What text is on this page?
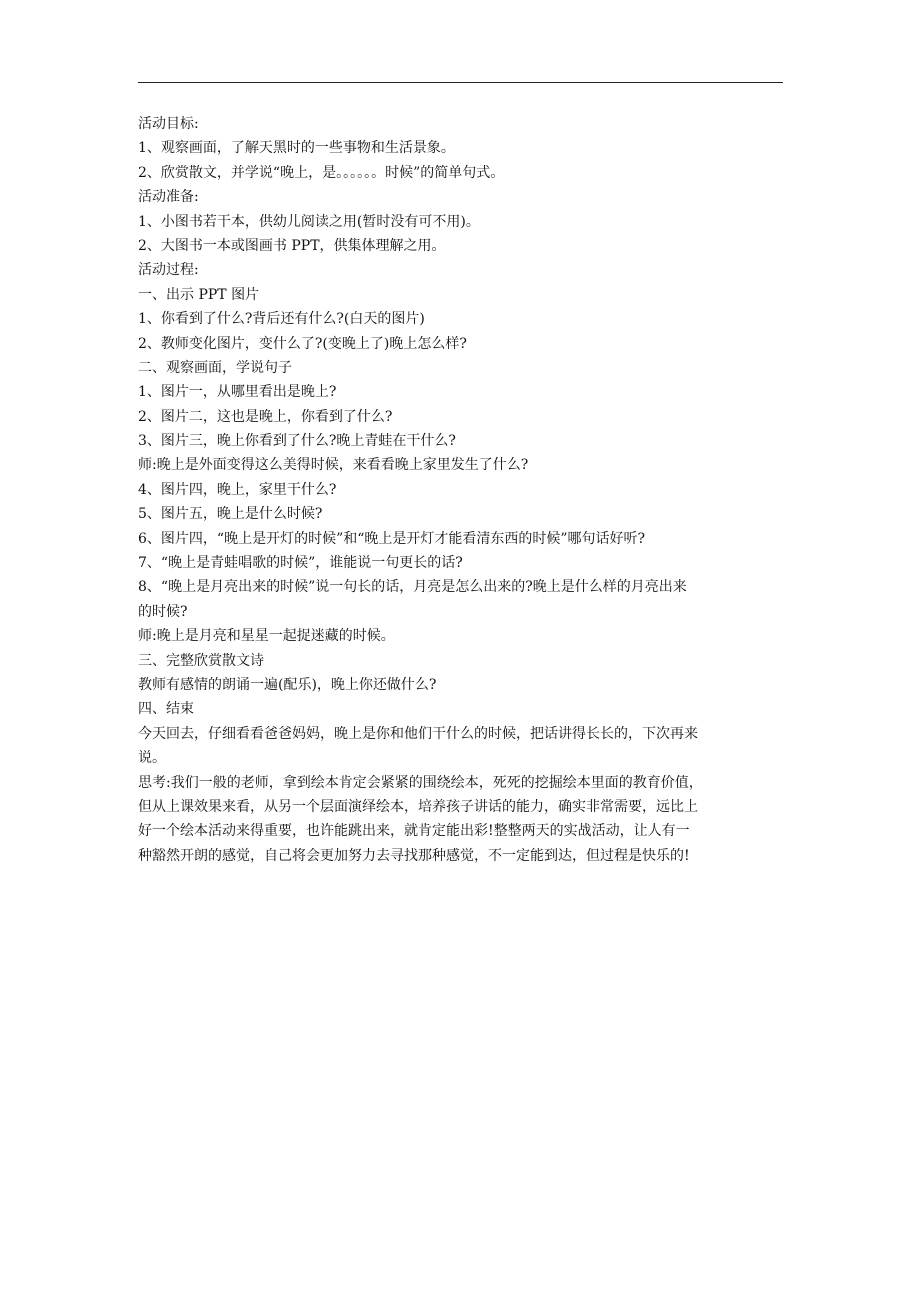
活动目标:
1、观察画面，了解天黑时的一些事物和生活景象。
2、欣赏散文，并学说“晚上，是。。。。。。时候”的简单句式。
活动准备:
1、小图书若干本，供幼儿阅读之用(暂时没有可不用)。
2、大图书一本或图画书 PPT，供集体理解之用。
活动过程:
一、出示 PPT 图片
1、你看到了什么?背后还有什么?(白天的图片)
2、教师变化图片，变什么了?(变晚上了)晚上怎么样?
二、观察画面，学说句子
1、图片一，从哪里看出是晚上?
2、图片二，这也是晚上，你看到了什么?
3、图片三，晚上你看到了什么?晚上青蛙在干什么?
师:晚上是外面变得这么美得时候，来看看晚上家里发生了什么?
4、图片四，晚上，家里干什么?
5、图片五，晚上是什么时候?
6、图片四，“晚上是开灯的时候”和“晚上是开灯才能看清东西的时候”哪句话好听?
7、“晚上是青蛙唱歌的时候”，谁能说一句更长的话?
8、“晚上是月亮出来的时候”说一句长的话，月亮是怎么出来的?晚上是什么样的月亮出来
的时候?
师:晚上是月亮和星星一起捉迷藏的时候。
三、完整欣赏散文诗
教师有感情的朗诵一遍(配乐)，晚上你还做什么?
四、结束
今天回去，仔细看看爸爸妈妈，晚上是你和他们干什么的时候，把话讲得长长的，下次再来
说。
思考:我们一般的老师，拿到绘本肯定会紧紧的围绕绘本，死死的挖掘绘本里面的教育价值，
但从上课效果来看，从另一个层面演绎绘本，培养孩子讲话的能力，确实非常需要，远比上
好一个绘本活动来得重要，也许能跳出来，就肯定能出彩!整整两天的实战活动，让人有一
种豁然开朗的感觉，自己将会更加努力去寻找那种感觉，不一定能到达，但过程是快乐的!
